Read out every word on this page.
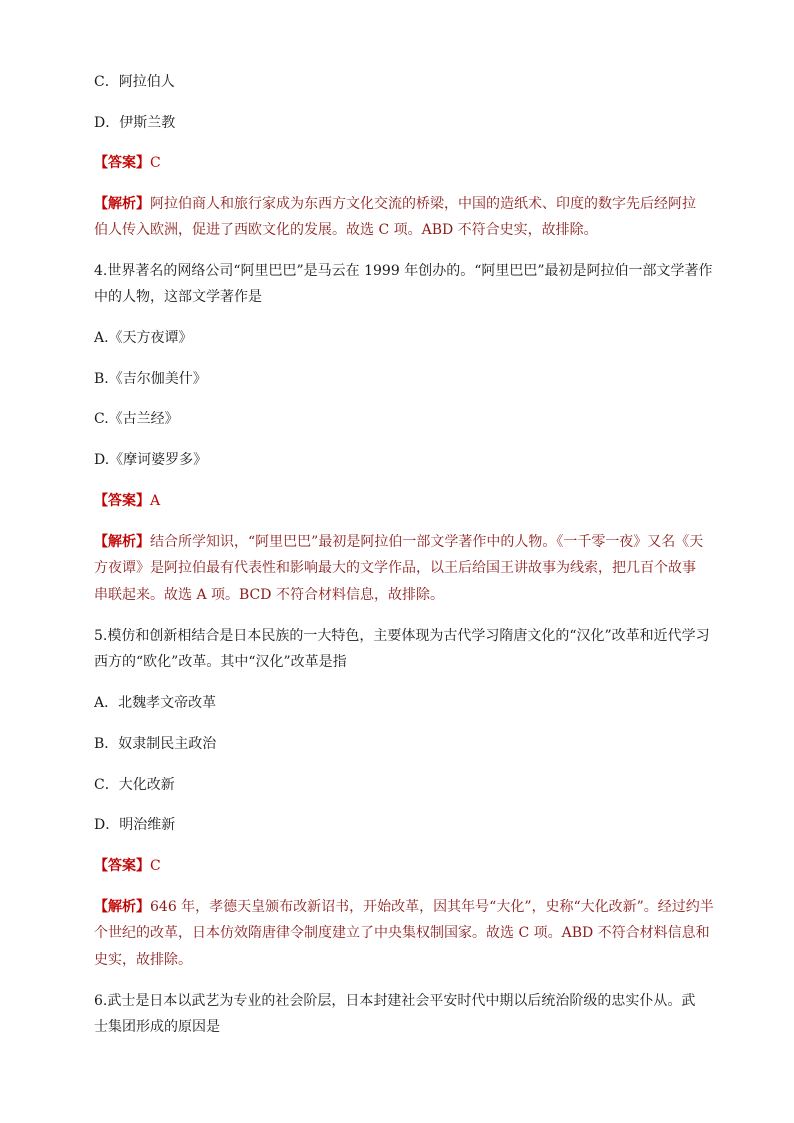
C．阿拉伯人
D．伊斯兰教
【答案】C
【解析】阿拉伯商人和旅行家成为东西方文化交流的桥梁，中国的造纸术、印度的数字先后经阿拉
伯人传入欧洲，促进了西欧文化的发展。故选 C 项。ABD 不符合史实，故排除。
4.世界著名的网络公司“阿里巴巴”是马云在 1999 年创办的。“阿里巴巴”最初是阿拉伯一部文学著作
中的人物，这部文学著作是
A.《天方夜谭》
B.《吉尔伽美什》
C.《古兰经》
D.《摩诃婆罗多》
【答案】A
【解析】结合所学知识，“阿里巴巴”最初是阿拉伯一部文学著作中的人物。《一千零一夜》又名《天
方夜谭》是阿拉伯最有代表性和影响最大的文学作品，以王后给国王讲故事为线索，把几百个故事
串联起来。故选 A 项。BCD 不符合材料信息，故排除。
5.模仿和创新相结合是日本民族的一大特色，主要体现为古代学习隋唐文化的“汉化”改革和近代学习
西方的“欧化”改革。其中“汉化”改革是指
A．北魏孝文帝改革
B．奴隶制民主政治
C．大化改新
D．明治维新
【答案】C
【解析】646 年，孝德天皇颁布改新诏书，开始改革，因其年号“大化”，史称“大化改新”。经过约半
个世纪的改革，日本仿效隋唐律令制度建立了中央集权制国家。故选 C 项。ABD 不符合材料信息和
史实，故排除。
6.武士是日本以武艺为专业的社会阶层，日本封建社会平安时代中期以后统治阶级的忠实仆从。武
士集团形成的原因是
